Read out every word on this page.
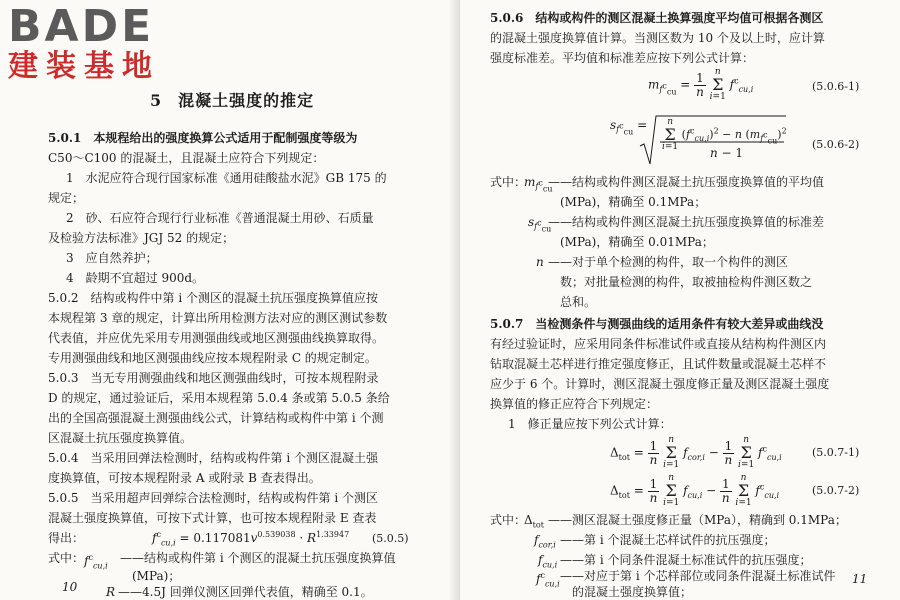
BADE
建装基地
5 混凝土强度的推定
5.0.1　本规程给出的强度换算公式适用于配制强度等级为
C50～C100 的混凝土，且混凝土应符合下列规定：
1　水泥应符合现行国家标准《通用硅酸盐水泥》GB 175 的
规定；
2　砂、石应符合现行行业标准《普通混凝土用砂、石质量
及检验方法标准》JGJ 52 的规定；
3　应自然养护；
4　龄期不宜超过 900d。
5.0.2　结构或构件中第 i 个测区的混凝土抗压强度换算值应按
本规程第 3 章的规定，计算出所用检测方法对应的测区测试参数
代表值，并应优先采用专用测强曲线或地区测强曲线换算取得。
专用测强曲线和地区测强曲线应按本规程附录 C 的规定制定。
5.0.3　当无专用测强曲线和地区测强曲线时，可按本规程附录
D 的规定，通过验证后，采用本规程第 5.0.4 条或第 5.0.5 条给
出的全国高强混凝土测强曲线公式，计算结构或构件中第 i 个测
区混凝土抗压强度换算值。
5.0.4　当采用回弹法检测时，结构或构件第 i 个测区混凝土强
度换算值，可按本规程附录 A 或附录 B 查表得出。
5.0.5　当采用超声回弹综合法检测时，结构或构件第 i 个测区
混凝土强度换算值，可按下式计算，也可按本规程附录 E 查表
得出：	$f^c_{cu,i} = 0.117081v^{0.539038} \cdot R^{1.33947}$ (5.0.5)
式中： $f^c_{cu,i}$
——结构或构件第 i 个测区的混凝土抗压强度换算值
(MPa)；
R ——4.5J 回弹仪测区回弹代表值，精确至 0.1。
10
5.0.6　结构或构件的测区混凝土换算强度平均值可根据各测区
的混凝土强度换算值计算。当测区数为 10 个及以上时，应计算
强度标准差。平均值和标准差应按下列公式计算：
$m_{f^c_{cu}} = \frac{1}{n}$ n
Σ
i=1 $f^c_{cu,i}$	(5.0.6-1)
$s_{f^c_{cu}}$ =	n
Σ
i=1 $(f^c_{cu,i})^2 - n$ $(m_{f^c_{cu}})^2$
n − 1
(5.0.6-2)
式中：
$m_{f^c_{cu}}$
——结构或构件测区混凝土抗压强度换算值的平均值
(MPa)，精确至 0.1MPa；
$s_{f^c_{cu}}$
——结构或构件测区混凝土抗压强度换算值的标准差
(MPa)，精确至 0.01MPa；
n ——对于单个检测的构件，取一个构件的测区
数；对批量检测的构件，取被抽检构件测区数之
总和。
5.0.7　当检测条件与测强曲线的适用条件有较大差异或曲线没
有经过验证时，应采用同条件标准试件或直接从结构构件测区内
钻取混凝土芯样进行推定强度修正，且试件数量或混凝土芯样不
应少于 6 个。计算时，测区混凝土强度修正量及测区混凝土强度
换算值的修正应符合下列规定：
1　修正量应按下列公式计算：
$\Delta_{tot} = \frac{1}{n}$ n
Σ
i=1 $f_{cor,i} - \frac{1}{n}$ n
Σ
i=1 $f^c_{cu,i}$	(5.0.7-1)
$\Delta_{tot} = \frac{1}{n}$ n
Σ
i=1 $f_{cu,i} - \frac{1}{n}$ n
Σ
i=1 $f^c_{cu,i}$	(5.0.7-2)
式中：
$\Delta_{tot}$ ——测区混凝土强度修正量（MPa），精确到 0.1MPa；
$f_{cor,i}$ ——第 i 个混凝土芯样试件的抗压强度；
$f_{cu,i}$ ——第 i 个同条件混凝土标准试件的抗压强度；
$f^c_{cu,i}$
——对应于第 i 个芯样部位或同条件混凝土标准试件
的混凝土强度换算值；
11
